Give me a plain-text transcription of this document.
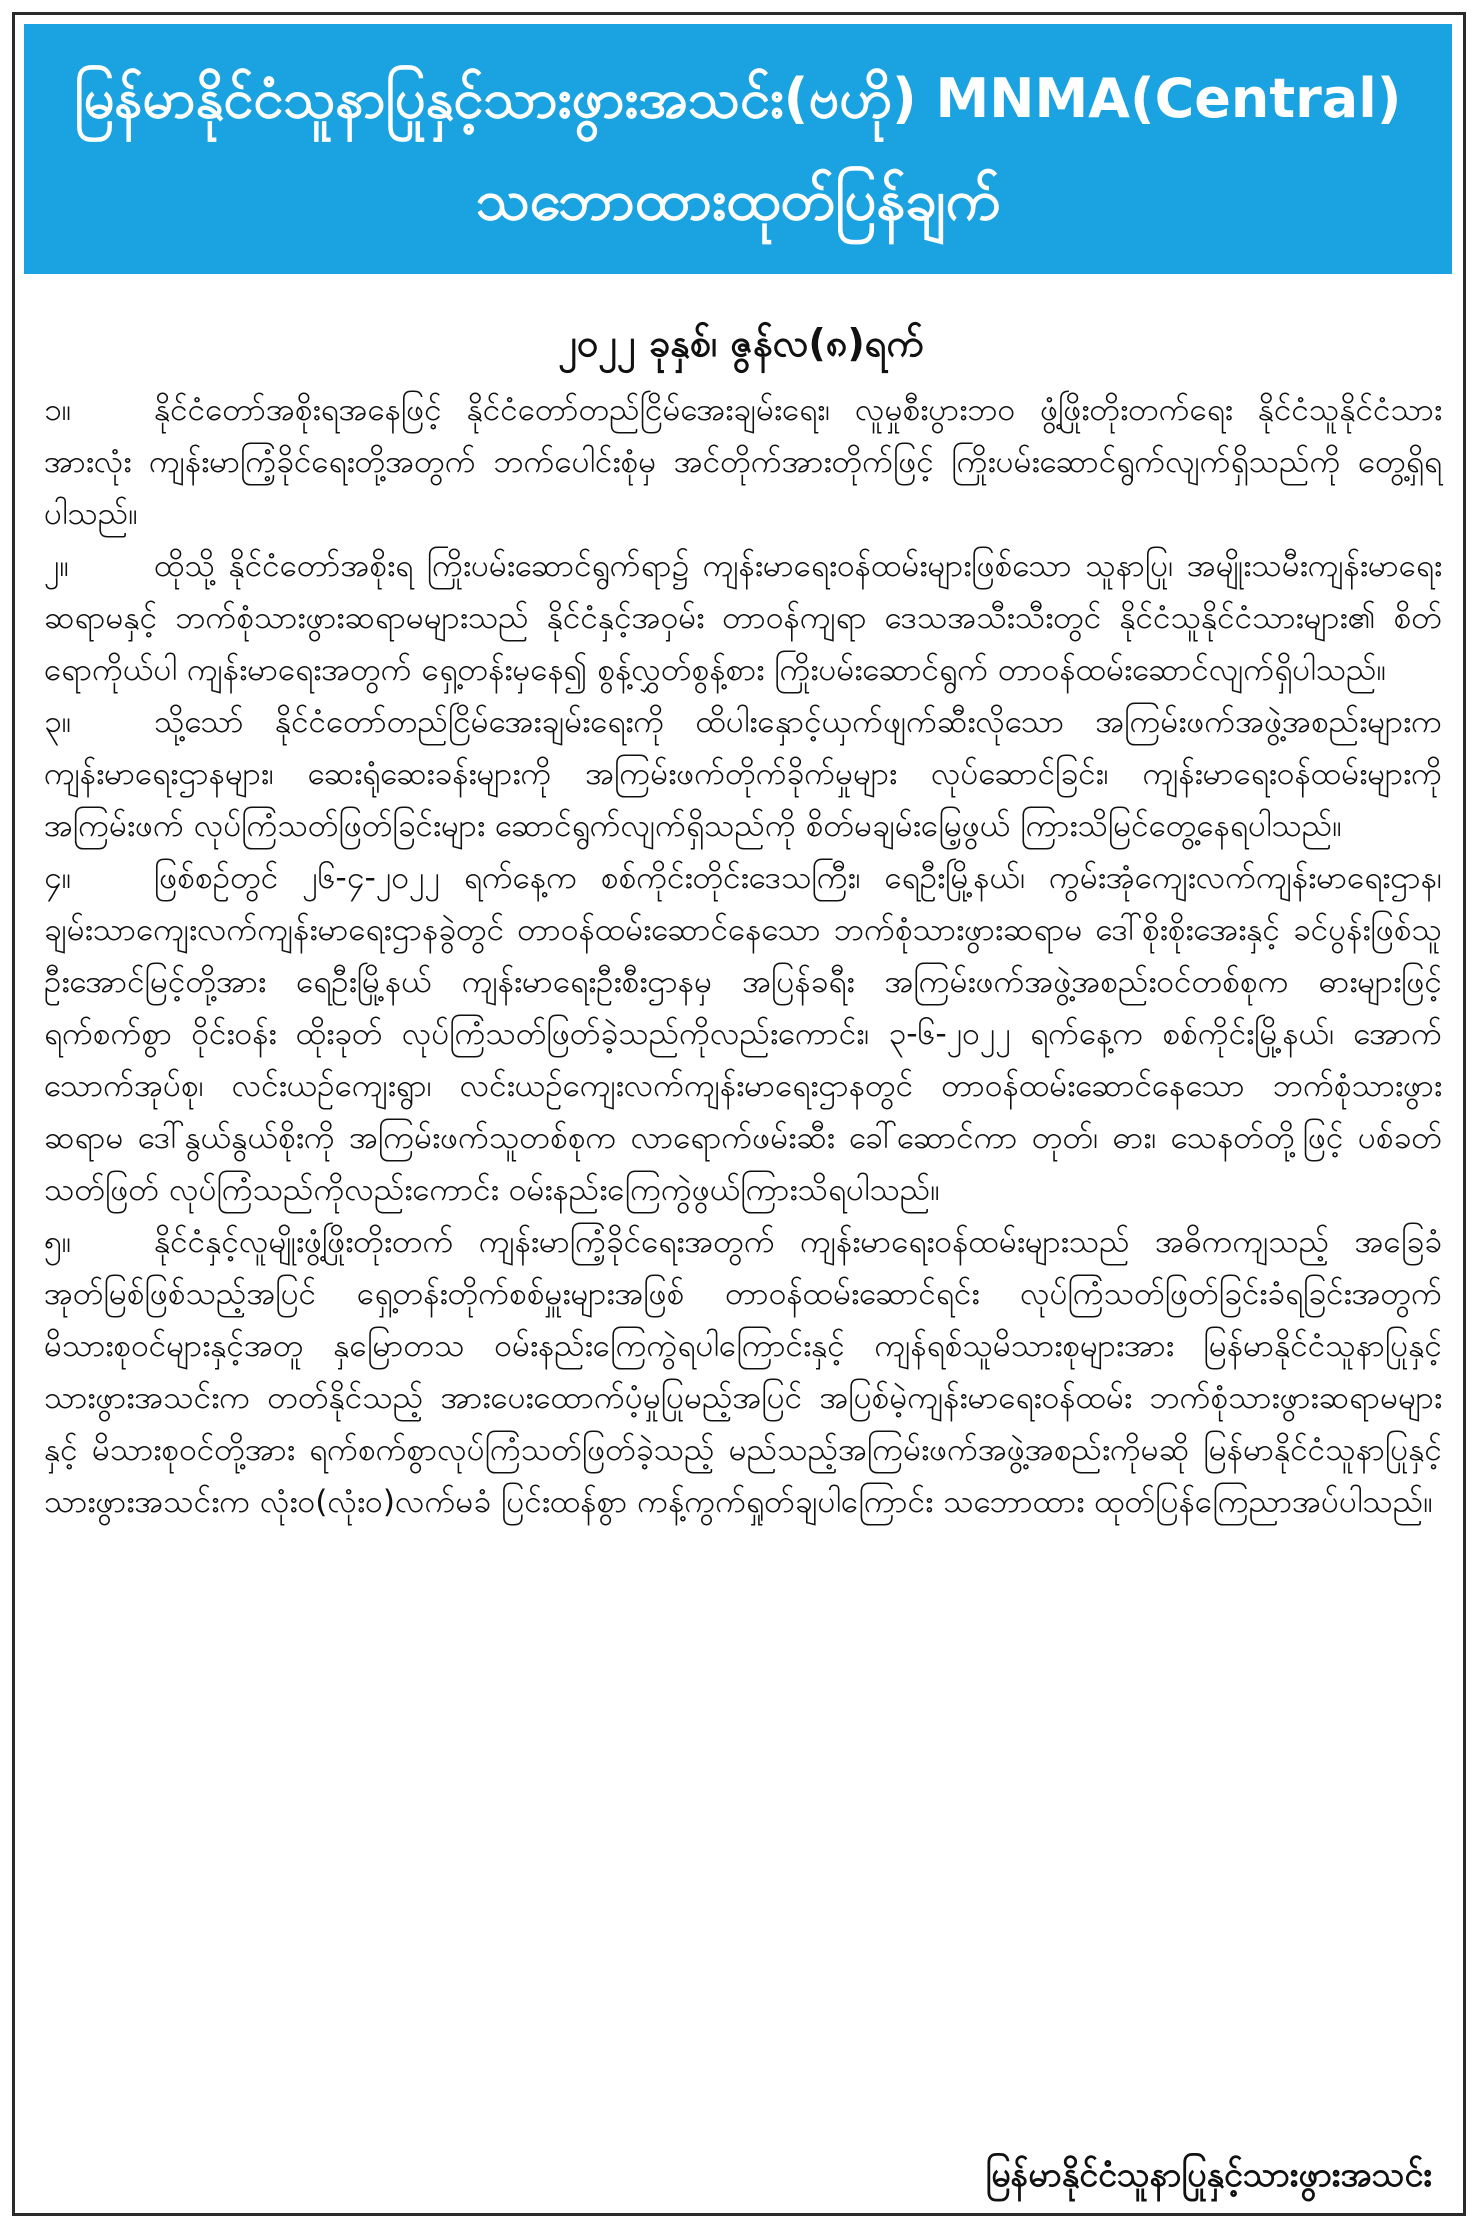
မြန်မာနိုင်ငံသူနာပြုနှင့်သားဖွားအသင်း(ဗဟို) MNMA(Central)
သဘောထားထုတ်ပြန်ချက်
၂၀၂၂ ခုနှစ်၊ ဇွန်လ(၈)ရက်

၁။	နိုင်ငံတော်အစိုးရအနေဖြင့် နိုင်ငံတော်တည်ငြိမ်အေးချမ်းရေး၊ လူမှုစီးပွားဘဝ ဖွံ့ဖြိုးတိုးတက်ရေး နိုင်ငံသူနိုင်ငံသားအားလုံး ကျန်းမာကြံ့ခိုင်ရေးတို့အတွက် ဘက်ပေါင်းစုံမှ အင်တိုက်အားတိုက်ဖြင့် ကြိုးပမ်းဆောင်ရွက်လျက်ရှိသည်ကို တွေ့ရှိရပါသည်။

၂။	ထိုသို့ နိုင်ငံတော်အစိုးရ ကြိုးပမ်းဆောင်ရွက်ရာ၌ ကျန်းမာရေးဝန်ထမ်းများဖြစ်သော သူနာပြု၊ အမျိုးသမီးကျန်းမာရေးဆရာမနှင့် ဘက်စုံသားဖွားဆရာမများသည် နိုင်ငံနှင့်အဝှမ်း တာဝန်ကျရာ ဒေသအသီးသီးတွင် နိုင်ငံသူနိုင်ငံသားများ၏ စိတ်ရောကိုယ်ပါ ကျန်းမာရေးအတွက် ရှေ့တန်းမှနေ၍ စွန့်လွှတ်စွန့်စား ကြိုးပမ်းဆောင်ရွက် တာဝန်ထမ်းဆောင်လျက်ရှိပါသည်။

၃။	သို့သော် နိုင်ငံတော်တည်ငြိမ်အေးချမ်းရေးကို ထိပါးနှောင့်ယှက်ဖျက်ဆီးလိုသော အကြမ်းဖက်အဖွဲ့အစည်းများက ကျန်းမာရေးဌာနများ၊ ဆေးရုံဆေးခန်းများကို အကြမ်းဖက်တိုက်ခိုက်မှုများ လုပ်ဆောင်ခြင်း၊ ကျန်းမာရေးဝန်ထမ်းများကို အကြမ်းဖက် လုပ်ကြံသတ်ဖြတ်ခြင်းများ ဆောင်ရွက်လျက်ရှိသည်ကို စိတ်မချမ်းမြေ့ဖွယ် ကြားသိမြင်တွေ့နေရပါသည်။

၄။	ဖြစ်စဉ်တွင် ၂၆-၄-၂၀၂၂ ရက်နေ့က စစ်ကိုင်းတိုင်းဒေသကြီး၊ ရေဦးမြို့နယ်၊ ကွမ်းအုံကျေးလက်ကျန်းမာရေးဌာန၊ ချမ်းသာကျေးလက်ကျန်းမာရေးဌာနခွဲတွင် တာဝန်ထမ်းဆောင်နေသော ဘက်စုံသားဖွားဆရာမ ဒေါ်စိုးစိုးအေးနှင့် ခင်ပွန်းဖြစ်သူ ဦးအောင်မြင့်တို့အား ရေဦးမြို့နယ် ကျန်းမာရေးဦးစီးဌာနမှ အပြန်ခရီး အကြမ်းဖက်အဖွဲ့အစည်းဝင်တစ်စုက ဓားများဖြင့် ရက်စက်စွာ ဝိုင်းဝန်း ထိုးခုတ် လုပ်ကြံသတ်ဖြတ်ခဲ့သည်ကိုလည်းကောင်း၊ ၃-၆-၂၀၂၂ ရက်နေ့က စစ်ကိုင်းမြို့နယ်၊ အောက်သောက်အုပ်စု၊ လင်းယဉ်ကျေးရွာ၊ လင်းယဉ်ကျေးလက်ကျန်းမာရေးဌာနတွင် တာဝန်ထမ်းဆောင်နေသော ဘက်စုံသားဖွားဆရာမ ဒေါ်နွယ်နွယ်စိုးကို အကြမ်းဖက်သူတစ်စုက လာရောက်ဖမ်းဆီး ခေါ်ဆောင်ကာ တုတ်၊ ဓား၊ သေနတ်တို့ဖြင့် ပစ်ခတ်သတ်ဖြတ် လုပ်ကြံသည်ကိုလည်းကောင်း ဝမ်းနည်းကြေကွဲဖွယ်ကြားသိရပါသည်။

၅။	နိုင်ငံနှင့်လူမျိုးဖွံ့ဖြိုးတိုးတက် ကျန်းမာကြံ့ခိုင်ရေးအတွက် ကျန်းမာရေးဝန်ထမ်းများသည် အဓိကကျသည့် အခြေခံအုတ်မြစ်ဖြစ်သည့်အပြင် ရှေ့တန်းတိုက်စစ်မှူးများအဖြစ် တာဝန်ထမ်းဆောင်ရင်း လုပ်ကြံသတ်ဖြတ်ခြင်းခံရခြင်းအတွက် မိသားစုဝင်များနှင့်အတူ နှမြောတသ ဝမ်းနည်းကြေကွဲရပါကြောင်းနှင့် ကျန်ရစ်သူမိသားစုများအား မြန်မာနိုင်ငံသူနာပြုနှင့်သားဖွားအသင်းက တတ်နိုင်သည့် အားပေးထောက်ပံ့မှုပြုမည့်အပြင် အပြစ်မဲ့ကျန်းမာရေးဝန်ထမ်း ဘက်စုံသားဖွားဆရာမများနှင့် မိသားစုဝင်တို့အား ရက်စက်စွာလုပ်ကြံသတ်ဖြတ်ခဲ့သည့် မည်သည့်အကြမ်းဖက်အဖွဲ့အစည်းကိုမဆို မြန်မာနိုင်ငံသူနာပြုနှင့်သားဖွားအသင်းက လုံးဝ(လုံးဝ)လက်မခံ ပြင်းထန်စွာ ကန့်ကွက်ရှုတ်ချပါကြောင်း သဘောထား ထုတ်ပြန်ကြေညာအပ်ပါသည်။

မြန်မာနိုင်ငံသူနာပြုနှင့်သားဖွားအသင်း
